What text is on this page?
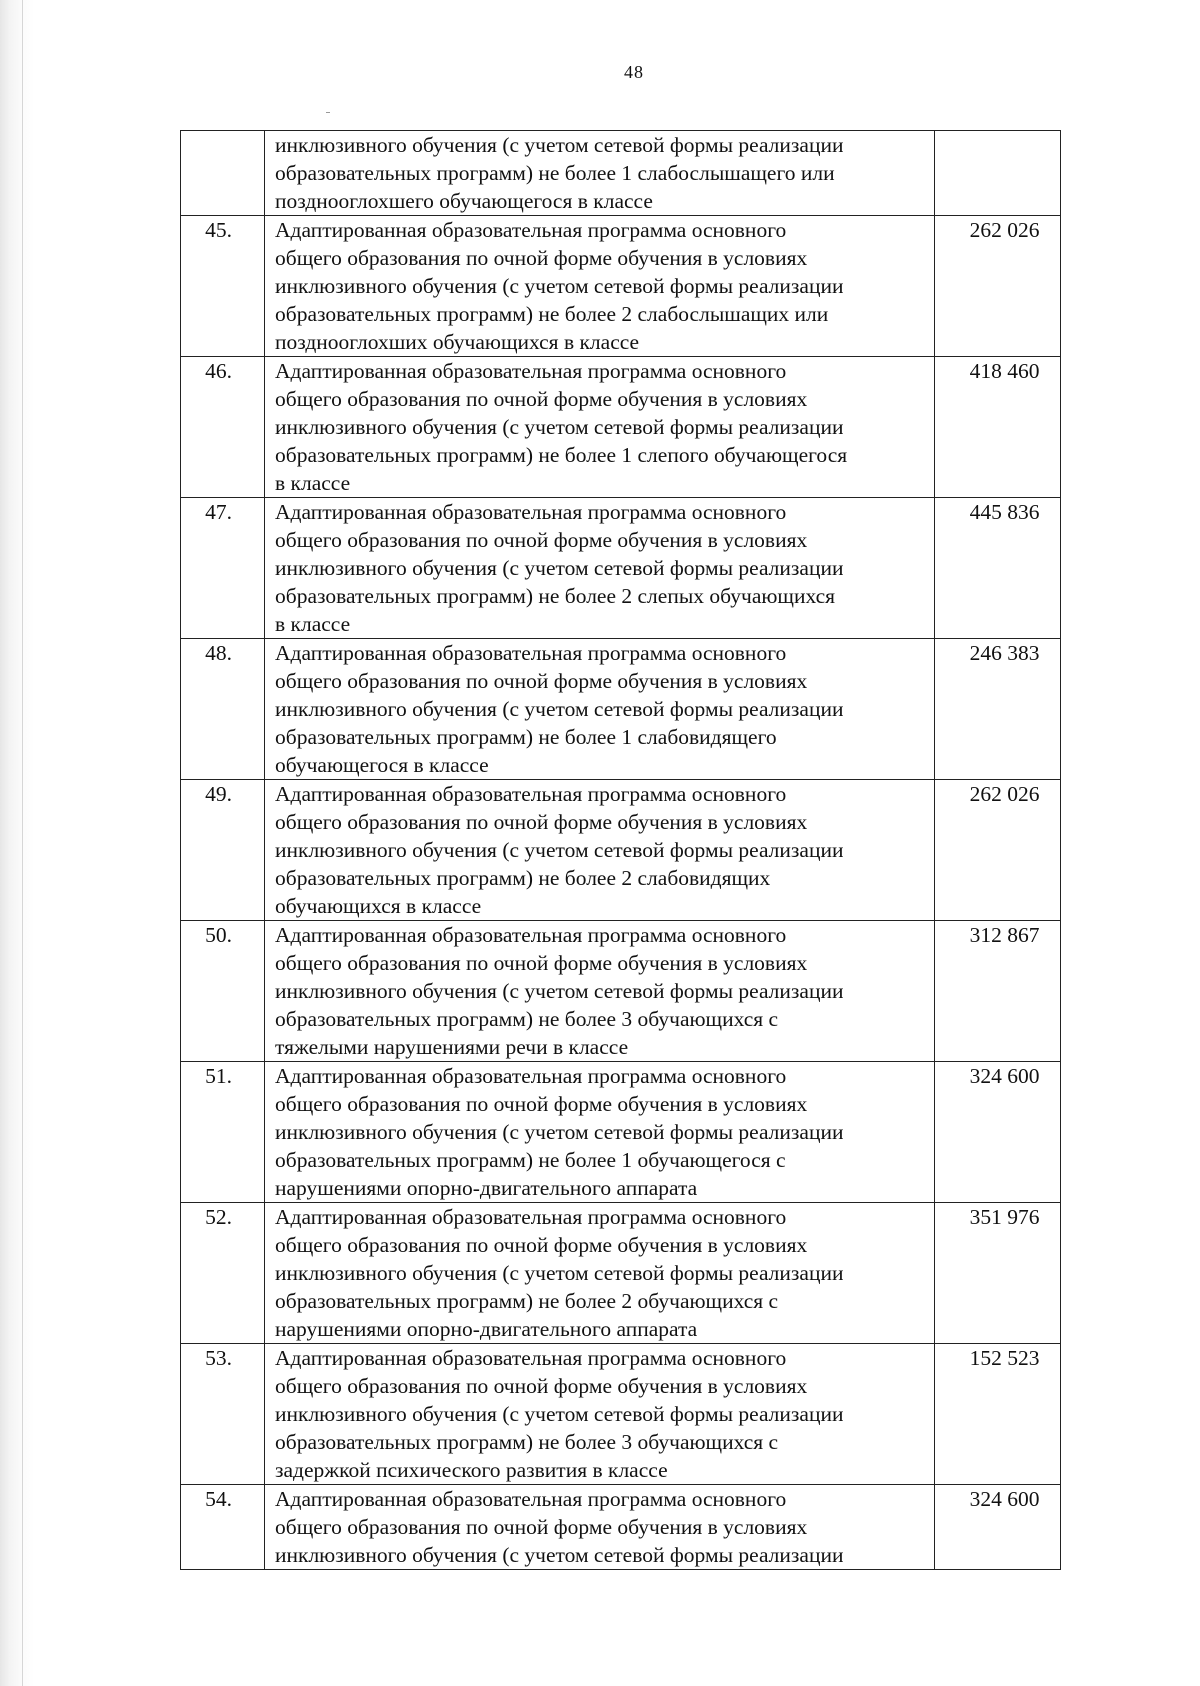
48

	инклюзивного обучения (с учетом сетевой формы реализации
образовательных программ) не более 1 слабослышащего или
позднооглохшего обучающегося в классе	

45.	Адаптированная образовательная программа основного
общего образования по очной форме обучения в условиях
инклюзивного обучения (с учетом сетевой формы реализации
образовательных программ) не более 2 слабослышащих или
позднооглохших обучающихся в классе	262 026
46.	Адаптированная образовательная программа основного
общего образования по очной форме обучения в условиях
инклюзивного обучения (с учетом сетевой формы реализации
образовательных программ) не более 1 слепого обучающегося
в классе	418 460
47.	Адаптированная образовательная программа основного
общего образования по очной форме обучения в условиях
инклюзивного обучения (с учетом сетевой формы реализации
образовательных программ) не более 2 слепых обучающихся
в классе	445 836
48.	Адаптированная образовательная программа основного
общего образования по очной форме обучения в условиях
инклюзивного обучения (с учетом сетевой формы реализации
образовательных программ) не более 1 слабовидящего
обучающегося в классе	246 383
49.	Адаптированная образовательная программа основного
общего образования по очной форме обучения в условиях
инклюзивного обучения (с учетом сетевой формы реализации
образовательных программ) не более 2 слабовидящих
обучающихся в классе	262 026
50.	Адаптированная образовательная программа основного
общего образования по очной форме обучения в условиях
инклюзивного обучения (с учетом сетевой формы реализации
образовательных программ) не более 3 обучающихся с
тяжелыми нарушениями речи в классе	312 867
51.	Адаптированная образовательная программа основного
общего образования по очной форме обучения в условиях
инклюзивного обучения (с учетом сетевой формы реализации
образовательных программ) не более 1 обучающегося с
нарушениями опорно-двигательного аппарата	324 600
52.	Адаптированная образовательная программа основного
общего образования по очной форме обучения в условиях
инклюзивного обучения (с учетом сетевой формы реализации
образовательных программ) не более 2 обучающихся с
нарушениями опорно-двигательного аппарата	351 976
53.	Адаптированная образовательная программа основного
общего образования по очной форме обучения в условиях
инклюзивного обучения (с учетом сетевой формы реализации
образовательных программ) не более 3 обучающихся с
задержкой психического развития в классе	152 523
54.	Адаптированная образовательная программа основного
общего образования по очной форме обучения в условиях
инклюзивного обучения (с учетом сетевой формы реализации	324 600
